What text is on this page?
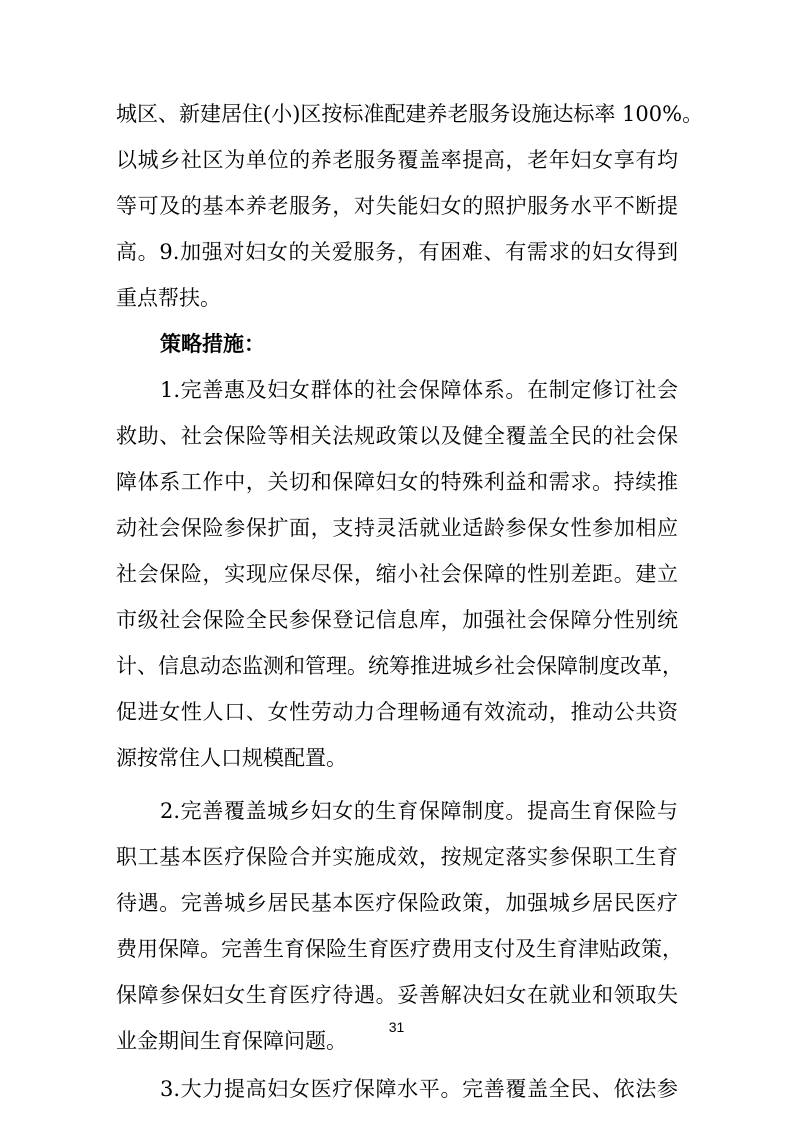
城区、新建居住(小)区按标准配建养老服务设施达标率 100%。
以城乡社区为单位的养老服务覆盖率提高，老年妇女享有均
等可及的基本养老服务，对失能妇女的照护服务水平不断提
高。9.加强对妇女的关爱服务，有困难、有需求的妇女得到
重点帮扶。
策略措施：
1.完善惠及妇女群体的社会保障体系。在制定修订社会
救助、社会保险等相关法规政策以及健全覆盖全民的社会保
障体系工作中，关切和保障妇女的特殊利益和需求。持续推
动社会保险参保扩面，支持灵活就业适龄参保女性参加相应
社会保险，实现应保尽保，缩小社会保障的性别差距。建立
市级社会保险全民参保登记信息库，加强社会保障分性别统
计、信息动态监测和管理。统筹推进城乡社会保障制度改革，
促进女性人口、女性劳动力合理畅通有效流动，推动公共资
源按常住人口规模配置。
2.完善覆盖城乡妇女的生育保障制度。提高生育保险与
职工基本医疗保险合并实施成效，按规定落实参保职工生育
待遇。完善城乡居民基本医疗保险政策，加强城乡居民医疗
费用保障。完善生育保险生育医疗费用支付及生育津贴政策，
保障参保妇女生育医疗待遇。妥善解决妇女在就业和领取失
业金期间生育保障问题。
3.大力提高妇女医疗保障水平。完善覆盖全民、依法参
31
